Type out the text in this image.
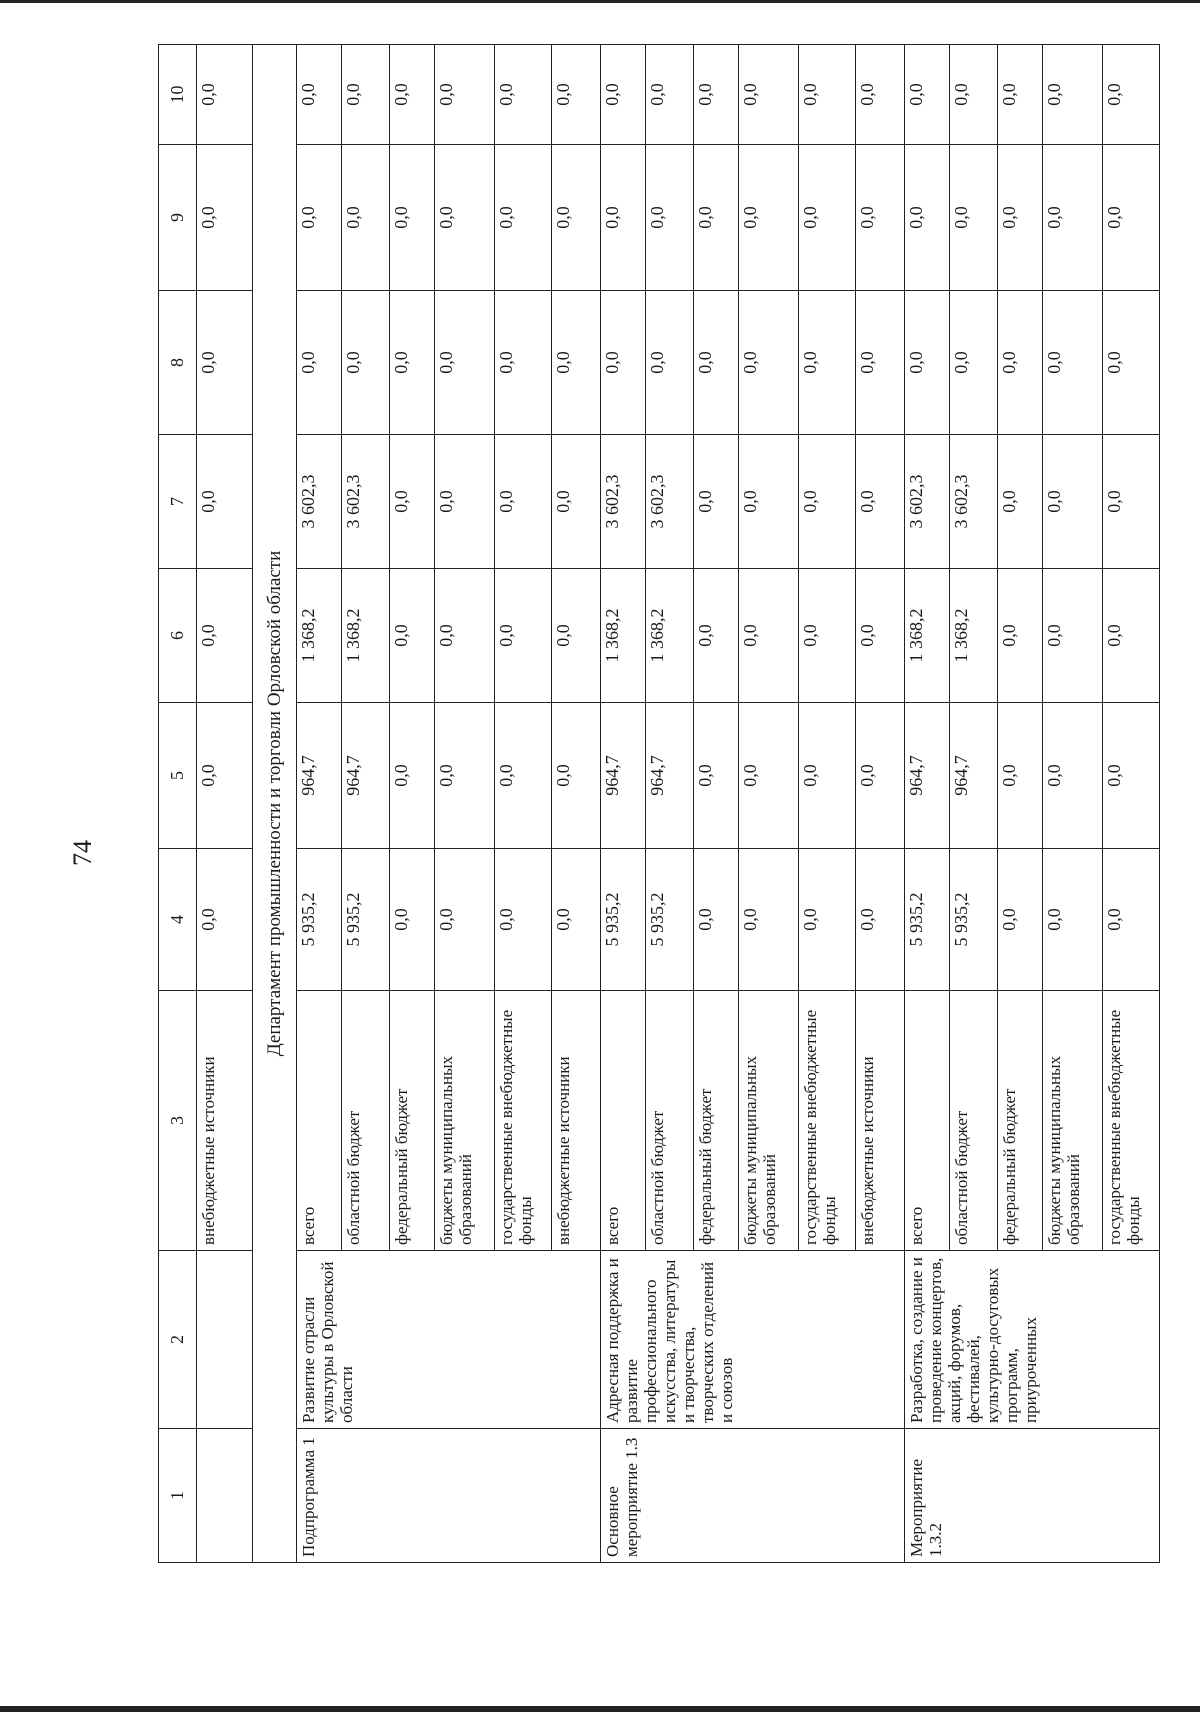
74
1	2	3	4	5	6	7	8	9	10
		внебюджетные источники	0,0	0,0	0,0	0,0	0,0	0,0	0,0
Департамент промышленности и торговли Орловской области									
Подпрограмма 1	Развитие отрасли культуры в Орловской области	всего	5 935,2	964,7	1 368,2	3 602,3	0,0	0,0	0,0
		областной бюджет	5 935,2	964,7	1 368,2	3 602,3	0,0	0,0	0,0
		федеральный бюджет	0,0	0,0	0,0	0,0	0,0	0,0	0,0
		бюджеты муниципальных образований	0,0	0,0	0,0	0,0	0,0	0,0	0,0
		государственные внебюджетные фонды	0,0	0,0	0,0	0,0	0,0	0,0	0,0
		внебюджетные источники	0,0	0,0	0,0	0,0	0,0	0,0	0,0
Основное мероприятие 1.3	Адресная поддержка и развитие профессионального искусства, литературы и творчества, творческих отделений и союзов	всего	5 935,2	964,7	1 368,2	3 602,3	0,0	0,0	0,0
		областной бюджет	5 935,2	964,7	1 368,2	3 602,3	0,0	0,0	0,0
		федеральный бюджет	0,0	0,0	0,0	0,0	0,0	0,0	0,0
		бюджеты муниципальных образований	0,0	0,0	0,0	0,0	0,0	0,0	0,0
		государственные внебюджетные фонды	0,0	0,0	0,0	0,0	0,0	0,0	0,0
		внебюджетные источники	0,0	0,0	0,0	0,0	0,0	0,0	0,0
Мероприятие 1.3.2	Разработка, создание и проведение концертов, акций, форумов, фестивалей, культурно-досуговых программ, приуроченных	всего	5 935,2	964,7	1 368,2	3 602,3	0,0	0,0	0,0
		областной бюджет	5 935,2	964,7	1 368,2	3 602,3	0,0	0,0	0,0
		федеральный бюджет	0,0	0,0	0,0	0,0	0,0	0,0	0,0
		бюджеты муниципальных образований	0,0	0,0	0,0	0,0	0,0	0,0	0,0
		государственные внебюджетные фонды	0,0	0,0	0,0	0,0	0,0	0,0	0,0
